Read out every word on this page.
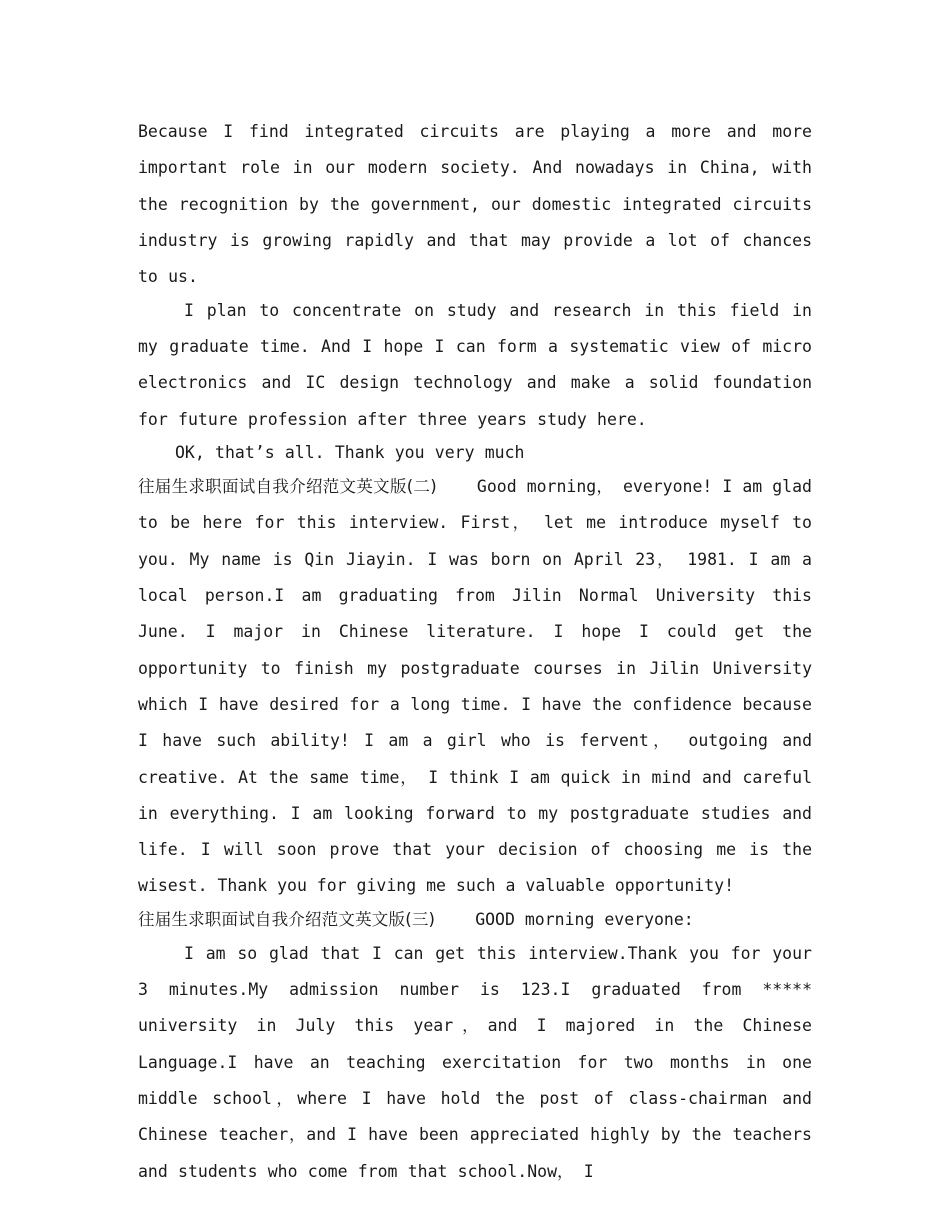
Because I find integrated circuits are playing a more and more important role in our modern society. And nowadays in China, with the recognition by the government, our domestic integrated circuits industry is growing rapidly and that may provide a lot of chances to us.

I plan to concentrate on study and research in this field in my graduate time. And I hope I can form a systematic view of micro electronics and IC design technology and make a solid foundation for future profession after three years study here.

OK, that’s all. Thank you very much

往届生求职面试自我介绍范文英文版(二) Good morning， everyone! I am glad to be here for this interview. First， let me introduce myself to you. My name is Qin Jiayin. I was born on April 23， 1981. I am a local person.I am graduating from Jilin Normal University this June. I major in Chinese literature. I hope I could get the opportunity to finish my postgraduate courses in Jilin University which I have desired for a long time. I have the confidence because I have such ability! I am a girl who is fervent， outgoing and creative. At the same time， I think I am quick in mind and careful in everything. I am looking forward to my postgraduate studies and life. I will soon prove that your decision of choosing me is the wisest. Thank you for giving me such a valuable opportunity!

往届生求职面试自我介绍范文英文版(三) GOOD morning everyone:

I am so glad that I can get this interview.Thank you for your 3 minutes.My admission number is 123.I graduated from ***** university in July this year，and I majored in the Chinese Language.I have an teaching exercitation for two months in one middle school，where I have hold the post of class-chairman and Chinese teacher，and I have been appreciated highly by the teachers and students who come from that school.Now， I
